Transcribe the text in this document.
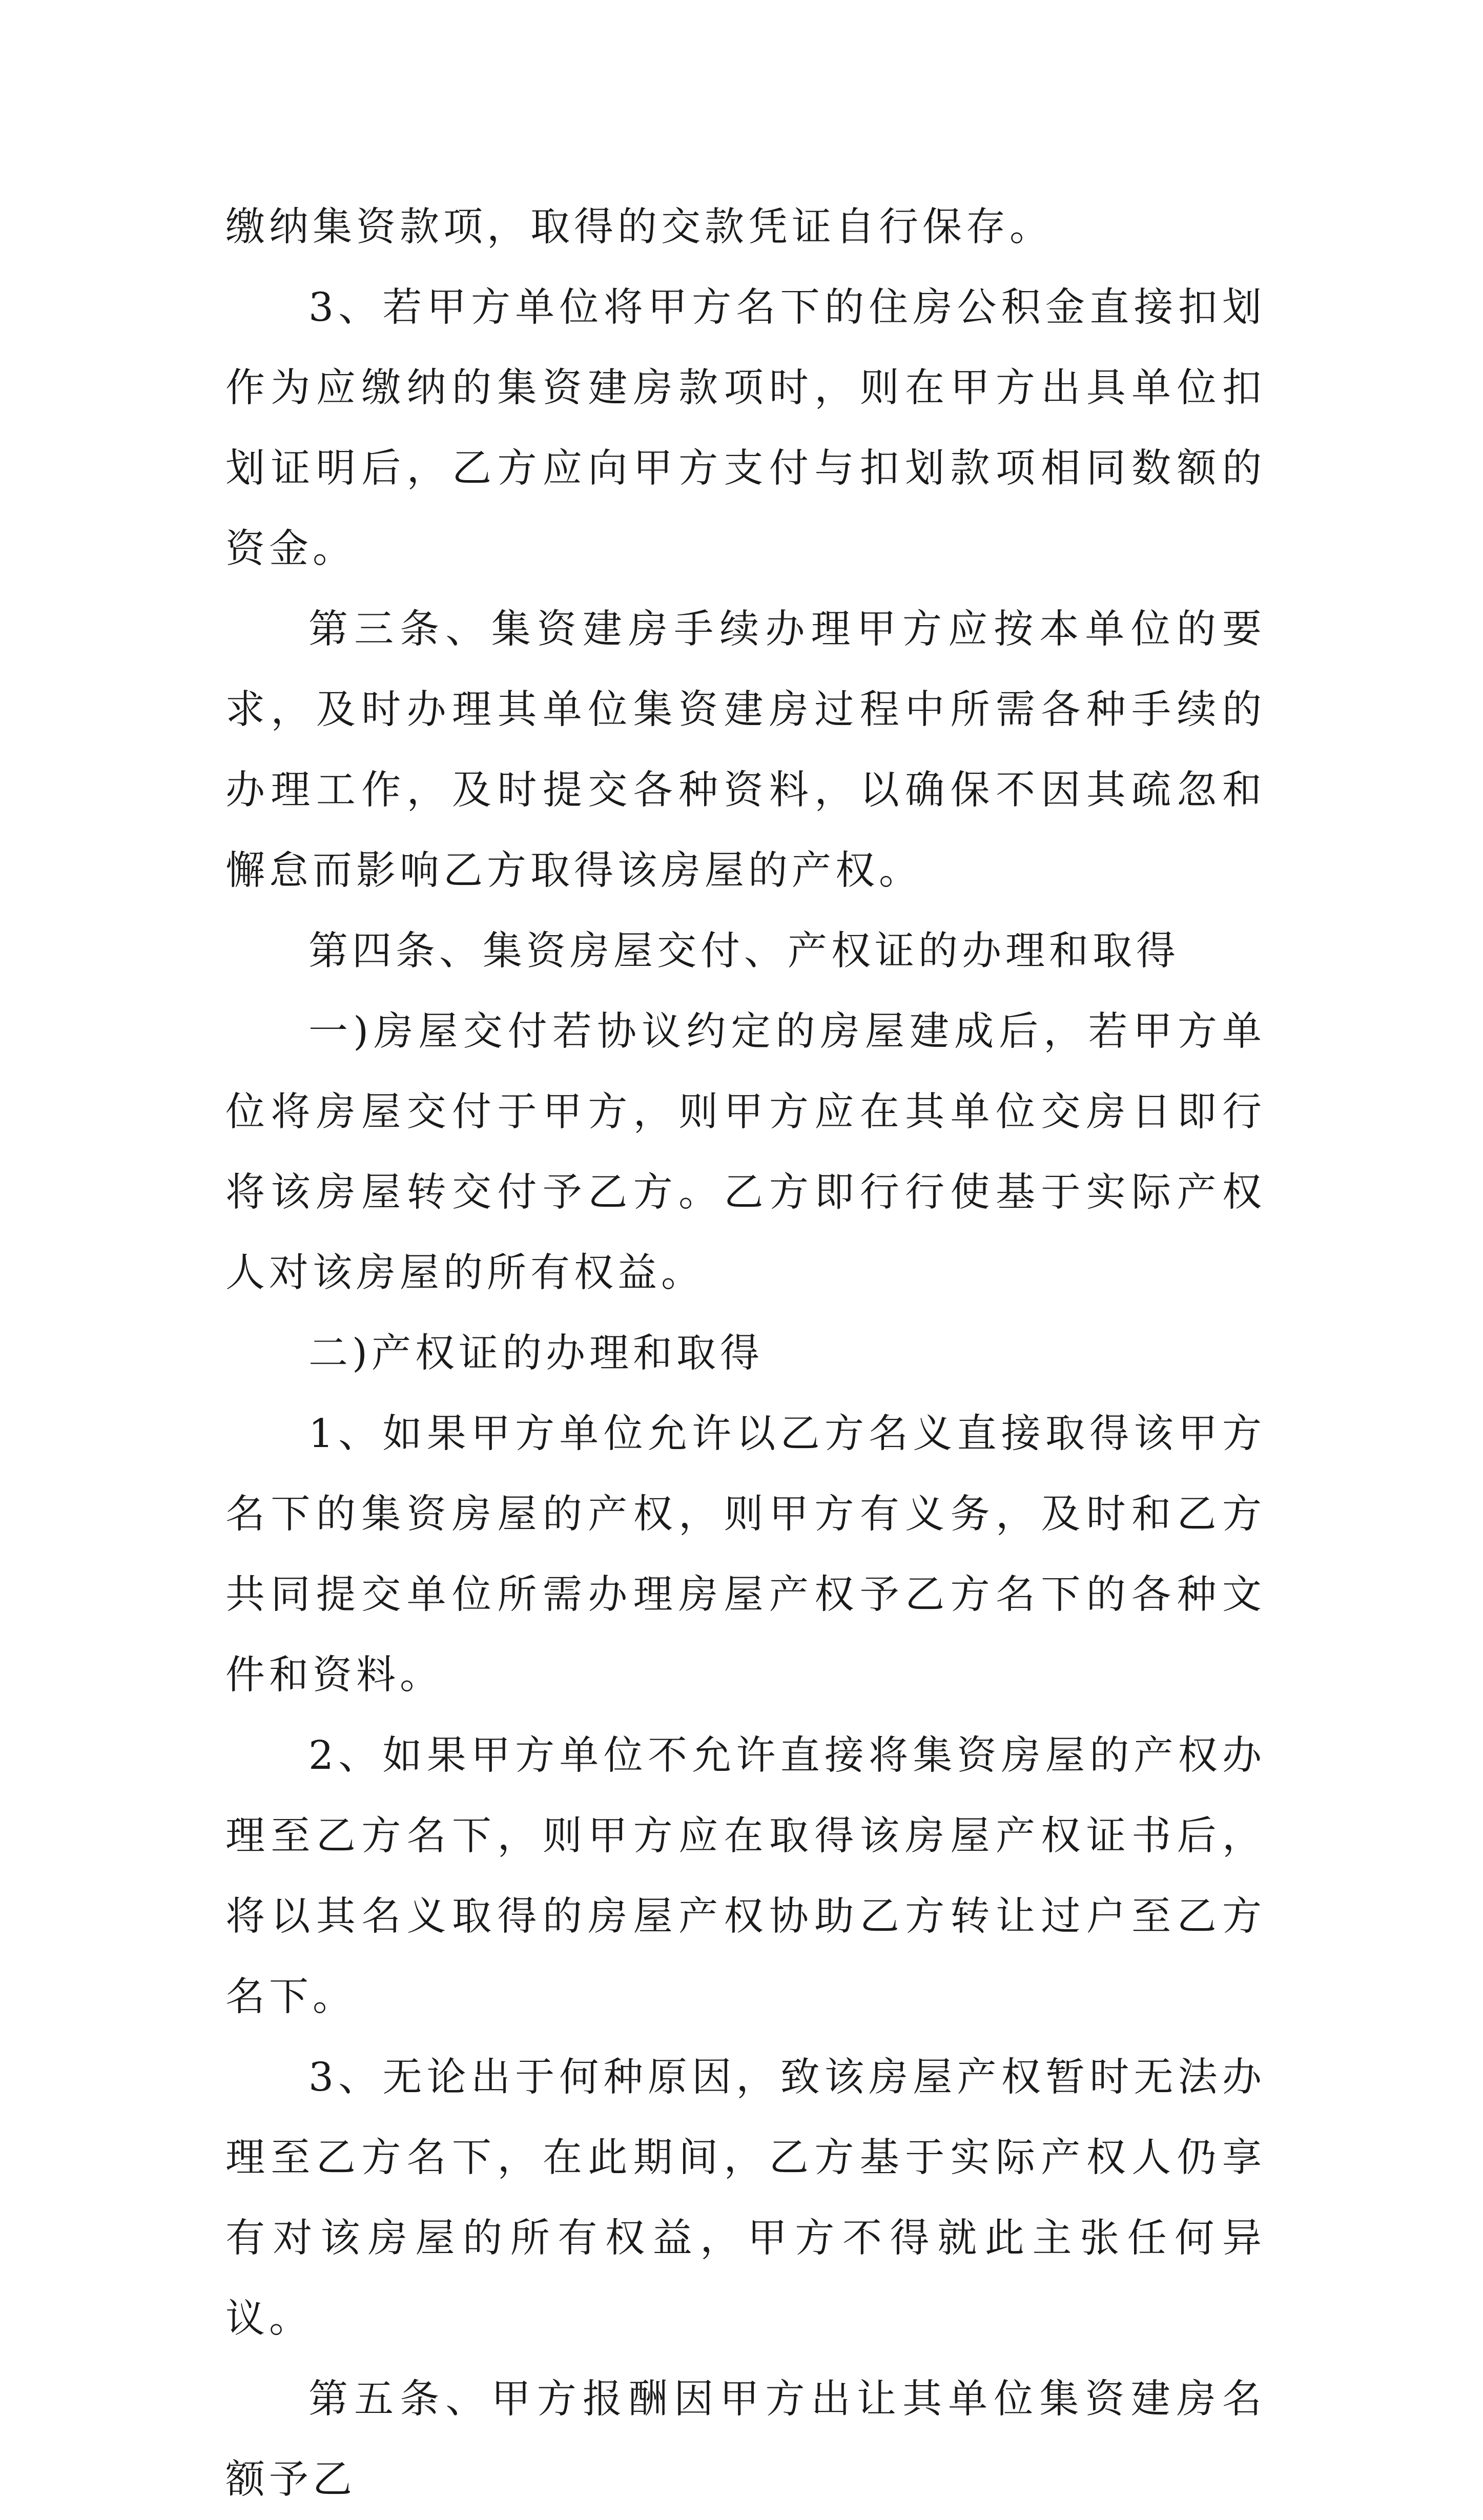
缴纳集资款项，取得的交款凭证自行保存。

3、若甲方单位将甲方名下的住房公积金直接扣划作为应缴纳的集资建房款项时，则在甲方出具单位扣划证明后，乙方应向甲方支付与扣划款项相同数额的资金。

第三条、集资建房手续办理甲方应按本单位的要求，及时办理其单位集资建房过程中所需各种手续的办理工作，及时提交各种资料，以确保不因其疏忽和懈怠而影响乙方取得该房屋的产权。

第四条、集资房屋交付、产权证的办理和取得

一)房屋交付若协议约定的房屋建成后，若甲方单位将房屋交付于甲方，则甲方应在其单位交房日即行将该房屋转交付予乙方。乙方即行行使基于实际产权人对该房屋的所有权益。

二)产权证的办理和取得

1、如果甲方单位允许以乙方名义直接取得该甲方名下的集资房屋的产权，则甲方有义务，及时和乙方共同提交单位所需办理房屋产权予乙方名下的各种文件和资料。

2、如果甲方单位不允许直接将集资房屋的产权办理至乙方名下，则甲方应在取得该房屋产权证书后，将以其名义取得的房屋产权协助乙方转让过户至乙方名下。

3、无论出于何种原因，致该房屋产权暂时无法办理至乙方名下，在此期间，乙方基于实际产权人仍享有对该房屋的所有权益，甲方不得就此主张任何异议。

第五条、甲方报酬因甲方出让其单位集资建房名额予乙
